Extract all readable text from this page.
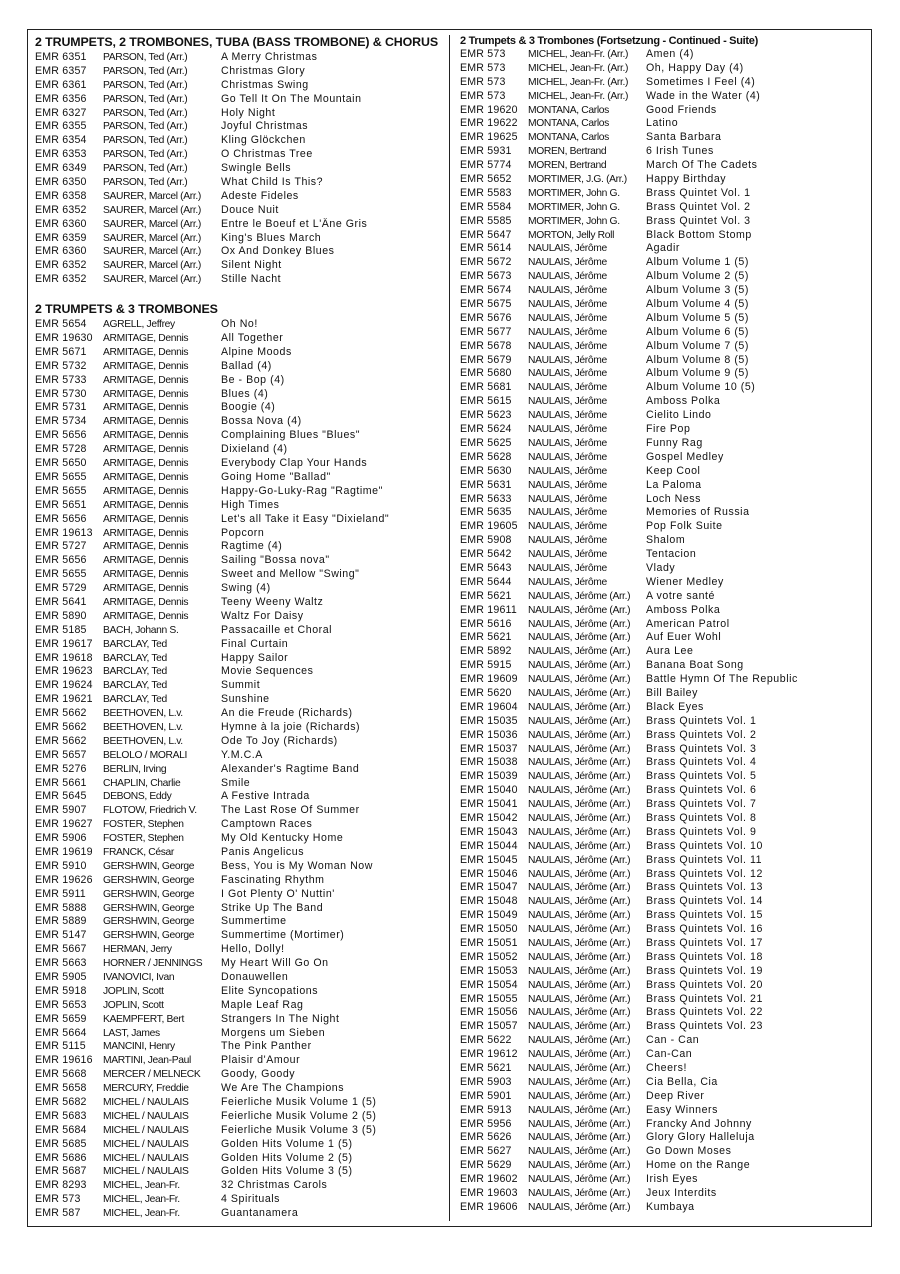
2 TRUMPETS, 2 TROMBONES, TUBA (BASS TROMBONE) & CHORUS
EMR 6351	PARSON, Ted (Arr.)	A Merry Christmas
EMR 6357	PARSON, Ted (Arr.)	Christmas Glory
EMR 6361	PARSON, Ted (Arr.)	Christmas Swing
EMR 6356	PARSON, Ted (Arr.)	Go Tell It On The Mountain
EMR 6327	PARSON, Ted (Arr.)	Holy Night
EMR 6355	PARSON, Ted (Arr.)	Joyful Christmas
EMR 6354	PARSON, Ted (Arr.)	Kling Glöckchen
EMR 6353	PARSON, Ted (Arr.)	O Christmas Tree
EMR 6349	PARSON, Ted (Arr.)	Swingle Bells
EMR 6350	PARSON, Ted (Arr.)	What Child Is This?
EMR 6358	SAURER, Marcel (Arr.)	Adeste Fideles
EMR 6352	SAURER, Marcel (Arr.)	Douce Nuit
EMR 6360	SAURER, Marcel (Arr.)	Entre le Boeuf et L'Âne Gris
EMR 6359	SAURER, Marcel (Arr.)	King's Blues March
EMR 6360	SAURER, Marcel (Arr.)	Ox And Donkey Blues
EMR 6352	SAURER, Marcel (Arr.)	Silent Night
EMR 6352	SAURER, Marcel (Arr.)	Stille Nacht
2 TRUMPETS & 3 TROMBONES
EMR 5654	AGRELL, Jeffrey	Oh No!
EMR 19630 ARMITAGE, Dennis	All Together
EMR 5671	ARMITAGE, Dennis	Alpine Moods
EMR 5732	ARMITAGE, Dennis	Ballad (4)
EMR 5733	ARMITAGE, Dennis	Be - Bop (4)
EMR 5730	ARMITAGE, Dennis	Blues (4)
EMR 5731	ARMITAGE, Dennis	Boogie (4)
EMR 5734	ARMITAGE, Dennis	Bossa Nova (4)
EMR 5656	ARMITAGE, Dennis	Complaining Blues "Blues"
EMR 5728	ARMITAGE, Dennis	Dixieland (4)
EMR 5650	ARMITAGE, Dennis	Everybody Clap Your Hands
EMR 5655	ARMITAGE, Dennis	Going Home "Ballad"
EMR 5655	ARMITAGE, Dennis	Happy-Go-Luky-Rag "Ragtime"
EMR 5651	ARMITAGE, Dennis	High Times
EMR 5656	ARMITAGE, Dennis	Let's all Take it Easy "Dixieland"
EMR 19613 ARMITAGE, Dennis	Popcorn
EMR 5727	ARMITAGE, Dennis	Ragtime (4)
EMR 5656	ARMITAGE, Dennis	Sailing "Bossa nova"
EMR 5655	ARMITAGE, Dennis	Sweet and Mellow "Swing"
EMR 5729	ARMITAGE, Dennis	Swing (4)
EMR 5641	ARMITAGE, Dennis	Teeny Weeny Waltz
EMR 5890	ARMITAGE, Dennis	Waltz For Daisy
EMR 5185	BACH, Johann S.	Passacaille et Choral
EMR 19617 BARCLAY, Ted	Final Curtain
EMR 19618 BARCLAY, Ted	Happy Sailor
EMR 19623 BARCLAY, Ted	Movie Sequences
EMR 19624 BARCLAY, Ted	Summit
EMR 19621 BARCLAY, Ted	Sunshine
EMR 5662	BEETHOVEN, L.v.	An die Freude (Richards)
EMR 5662	BEETHOVEN, L.v.	Hymne à la joie (Richards)
EMR 5662	BEETHOVEN, L.v.	Ode To Joy (Richards)
EMR 5657	BELOLO / MORALI	Y.M.C.A
EMR 5276	BERLIN, Irving	Alexander's Ragtime Band
EMR 5661	CHAPLIN, Charlie	Smile
EMR 5645	DEBONS, Eddy	A Festive Intrada
EMR 5907	FLOTOW, Friedrich V.	The Last Rose Of Summer
EMR 19627 FOSTER, Stephen	Camptown Races
EMR 5906	FOSTER, Stephen	My Old Kentucky Home
EMR 19619 FRANCK, César	Panis Angelicus
EMR 5910	GERSHWIN, George	Bess, You is My Woman Now
EMR 19626 GERSHWIN, George	Fascinating Rhythm
EMR 5911	GERSHWIN, George	I Got Plenty O' Nuttin'
EMR 5888	GERSHWIN, George	Strike Up The Band
EMR 5889	GERSHWIN, George	Summertime
EMR 5147	GERSHWIN, George	Summertime (Mortimer)
EMR 5667	HERMAN, Jerry	Hello, Dolly!
EMR 5663	HORNER / JENNINGS	My Heart Will Go On
EMR 5905	IVANOVICI, Ivan	Donauwellen
EMR 5918	JOPLIN, Scott	Elite Syncopations
EMR 5653	JOPLIN, Scott	Maple Leaf Rag
EMR 5659	KAEMPFERT, Bert	Strangers In The Night
EMR 5664	LAST, James	Morgens um Sieben
EMR 5115	MANCINI, Henry	The Pink Panther
EMR 19616 MARTINI, Jean-Paul	Plaisir d'Amour
EMR 5668	MERCER / MELNECK	Goody, Goody
EMR 5658	MERCURY, Freddie	We Are The Champions
EMR 5682	MICHEL / NAULAIS	Feierliche Musik Volume 1 (5)
EMR 5683	MICHEL / NAULAIS	Feierliche Musik Volume 2 (5)
EMR 5684	MICHEL / NAULAIS	Feierliche Musik Volume 3 (5)
EMR 5685	MICHEL / NAULAIS	Golden Hits Volume 1 (5)
EMR 5686	MICHEL / NAULAIS	Golden Hits Volume 2 (5)
EMR 5687	MICHEL / NAULAIS	Golden Hits Volume 3 (5)
EMR 8293	MICHEL, Jean-Fr.	32 Christmas Carols
EMR 573	MICHEL, Jean-Fr.	4 Spirituals
EMR 587	MICHEL, Jean-Fr.	Guantanamera
2 Trumpets & 3 Trombones (Fortsetzung - Continued - Suite)
EMR 573	MICHEL, Jean-Fr. (Arr.)	Amen (4)
EMR 573	MICHEL, Jean-Fr. (Arr.)	Oh, Happy Day (4)
EMR 573	MICHEL, Jean-Fr. (Arr.)	Sometimes I Feel (4)
EMR 573	MICHEL, Jean-Fr. (Arr.)	Wade in the Water (4)
EMR 19620 MONTANA, Carlos	Good Friends
EMR 19622 MONTANA, Carlos	Latino
EMR 19625 MONTANA, Carlos	Santa Barbara
EMR 5931	MOREN, Bertrand	6 Irish Tunes
EMR 5774	MOREN, Bertrand	March Of The Cadets
EMR 5652	MORTIMER, J.G. (Arr.)	Happy Birthday
EMR 5583	MORTIMER, John G.	Brass Quintet Vol. 1
EMR 5584	MORTIMER, John G.	Brass Quintet Vol. 2
EMR 5585	MORTIMER, John G.	Brass Quintet Vol. 3
EMR 5647	MORTON, Jelly Roll	Black Bottom Stomp
EMR 5614	NAULAIS, Jérôme	Agadir
EMR 5672	NAULAIS, Jérôme	Album Volume 1 (5)
EMR 5673	NAULAIS, Jérôme	Album Volume 2 (5)
EMR 5674	NAULAIS, Jérôme	Album Volume 3 (5)
EMR 5675	NAULAIS, Jérôme	Album Volume 4 (5)
EMR 5676	NAULAIS, Jérôme	Album Volume 5 (5)
EMR 5677	NAULAIS, Jérôme	Album Volume 6 (5)
EMR 5678	NAULAIS, Jérôme	Album Volume 7 (5)
EMR 5679	NAULAIS, Jérôme	Album Volume 8 (5)
EMR 5680	NAULAIS, Jérôme	Album Volume 9 (5)
EMR 5681	NAULAIS, Jérôme	Album Volume 10 (5)
EMR 5615	NAULAIS, Jérôme	Amboss Polka
EMR 5623	NAULAIS, Jérôme	Cielito Lindo
EMR 5624	NAULAIS, Jérôme	Fire Pop
EMR 5625	NAULAIS, Jérôme	Funny Rag
EMR 5628	NAULAIS, Jérôme	Gospel Medley
EMR 5630	NAULAIS, Jérôme	Keep Cool
EMR 5631	NAULAIS, Jérôme	La Paloma
EMR 5633	NAULAIS, Jérôme	Loch Ness
EMR 5635	NAULAIS, Jérôme	Memories of Russia
EMR 19605 NAULAIS, Jérôme	Pop Folk Suite
EMR 5908	NAULAIS, Jérôme	Shalom
EMR 5642	NAULAIS, Jérôme	Tentacion
EMR 5643	NAULAIS, Jérôme	Vlady
EMR 5644	NAULAIS, Jérôme	Wiener Medley
EMR 5621	NAULAIS, Jérôme (Arr.)	A votre santé
EMR 19611	NAULAIS, Jérôme (Arr.)	Amboss Polka
EMR 5616	NAULAIS, Jérôme (Arr.)	American Patrol
EMR 5621	NAULAIS, Jérôme (Arr.)	Auf Euer Wohl
EMR 5892	NAULAIS, Jérôme (Arr.)	Aura Lee
EMR 5915	NAULAIS, Jérôme (Arr.)	Banana Boat Song
EMR 19609 NAULAIS, Jérôme (Arr.)	Battle Hymn Of The Republic
EMR 5620	NAULAIS, Jérôme (Arr.)	Bill Bailey
EMR 19604 NAULAIS, Jérôme (Arr.)	Black Eyes
EMR 15035 NAULAIS, Jérôme (Arr.)	Brass Quintets Vol. 1
EMR 15036 NAULAIS, Jérôme (Arr.)	Brass Quintets Vol. 2
EMR 15037 NAULAIS, Jérôme (Arr.)	Brass Quintets Vol. 3
EMR 15038 NAULAIS, Jérôme (Arr.)	Brass Quintets Vol. 4
EMR 15039 NAULAIS, Jérôme (Arr.)	Brass Quintets Vol. 5
EMR 15040 NAULAIS, Jérôme (Arr.)	Brass Quintets Vol. 6
EMR 15041 NAULAIS, Jérôme (Arr.)	Brass Quintets Vol. 7
EMR 15042 NAULAIS, Jérôme (Arr.)	Brass Quintets Vol. 8
EMR 15043 NAULAIS, Jérôme (Arr.)	Brass Quintets Vol. 9
EMR 15044 NAULAIS, Jérôme (Arr.)	Brass Quintets Vol. 10
EMR 15045 NAULAIS, Jérôme (Arr.)	Brass Quintets Vol. 11
EMR 15046 NAULAIS, Jérôme (Arr.)	Brass Quintets Vol. 12
EMR 15047 NAULAIS, Jérôme (Arr.)	Brass Quintets Vol. 13
EMR 15048 NAULAIS, Jérôme (Arr.)	Brass Quintets Vol. 14
EMR 15049 NAULAIS, Jérôme (Arr.)	Brass Quintets Vol. 15
EMR 15050 NAULAIS, Jérôme (Arr.)	Brass Quintets Vol. 16
EMR 15051 NAULAIS, Jérôme (Arr.)	Brass Quintets Vol. 17
EMR 15052 NAULAIS, Jérôme (Arr.)	Brass Quintets Vol. 18
EMR 15053 NAULAIS, Jérôme (Arr.)	Brass Quintets Vol. 19
EMR 15054 NAULAIS, Jérôme (Arr.)	Brass Quintets Vol. 20
EMR 15055 NAULAIS, Jérôme (Arr.)	Brass Quintets Vol. 21
EMR 15056 NAULAIS, Jérôme (Arr.)	Brass Quintets Vol. 22
EMR 15057 NAULAIS, Jérôme (Arr.)	Brass Quintets Vol. 23
EMR 5622	NAULAIS, Jérôme (Arr.)	Can - Can
EMR 19612 NAULAIS, Jérôme (Arr.)	Can-Can
EMR 5621	NAULAIS, Jérôme (Arr.)	Cheers!
EMR 5903	NAULAIS, Jérôme (Arr.)	Cia Bella, Cia
EMR 5901	NAULAIS, Jérôme (Arr.)	Deep River
EMR 5913	NAULAIS, Jérôme (Arr.)	Easy Winners
EMR 5956	NAULAIS, Jérôme (Arr.)	Francky And Johnny
EMR 5626	NAULAIS, Jérôme (Arr.)	Glory Glory Halleluja
EMR 5627	NAULAIS, Jérôme (Arr.)	Go Down Moses
EMR 5629	NAULAIS, Jérôme (Arr.)	Home on the Range
EMR 19602 NAULAIS, Jérôme (Arr.)	Irish Eyes
EMR 19603 NAULAIS, Jérôme (Arr.)	Jeux Interdits
EMR 19606 NAULAIS, Jérôme (Arr.)	Kumbaya
